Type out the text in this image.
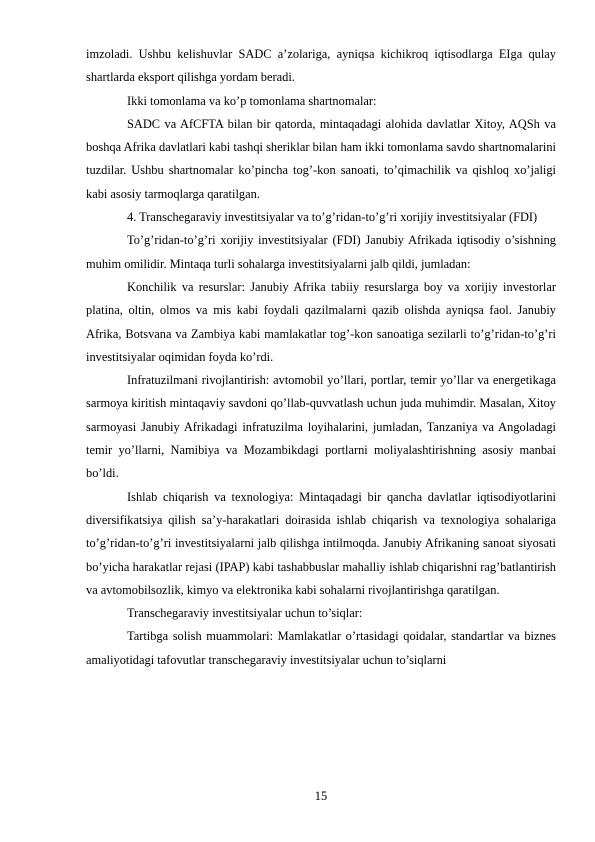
imzoladi. Ushbu kelishuvlar SADC a’zolariga, ayniqsa kichikroq iqtisodlarga EIga qulay shartlarda eksport qilishga yordam beradi.

Ikki tomonlama va ko’p tomonlama shartnomalar:

SADC va AfCFTA bilan bir qatorda, mintaqadagi alohida davlatlar Xitoy, AQSh va boshqa Afrika davlatlari kabi tashqi sheriklar bilan ham ikki tomonlama savdo shartnomalarini tuzdilar. Ushbu shartnomalar ko’pincha tog’-kon sanoati, to’qimachilik va qishloq xo’jaligi kabi asosiy tarmoqlarga qaratilgan.

4. Transchegaraviy investitsiyalar va to’g’ridan-to’g’ri xorijiy investitsiyalar (FDI)

To’g’ridan-to’g’ri xorijiy investitsiyalar (FDI) Janubiy Afrikada iqtisodiy o’sishning muhim omilidir. Mintaqa turli sohalarga investitsiyalarni jalb qildi, jumladan:

Konchilik va resurslar: Janubiy Afrika tabiiy resurslarga boy va xorijiy investorlar platina, oltin, olmos va mis kabi foydali qazilmalarni qazib olishda ayniqsa faol. Janubiy Afrika, Botsvana va Zambiya kabi mamlakatlar tog’-kon sanoatiga sezilarli to’g’ridan-to’g’ri investitsiyalar oqimidan foyda ko’rdi.

Infratuzilmani rivojlantirish: avtomobil yo’llari, portlar, temir yo’llar va energetikaga sarmoya kiritish mintaqaviy savdoni qo’llab-quvvatlash uchun juda muhimdir. Masalan, Xitoy sarmoyasi Janubiy Afrikadagi infratuzilma loyihalarini, jumladan, Tanzaniya va Angoladagi temir yo’llarni, Namibiya va Mozambikdagi portlarni moliyalashtirishning asosiy manbai bo’ldi.

Ishlab chiqarish va texnologiya: Mintaqadagi bir qancha davlatlar iqtisodiyotlarini diversifikatsiya qilish sa’y-harakatlari doirasida ishlab chiqarish va texnologiya sohalariga to’g’ridan-to’g’ri investitsiyalarni jalb qilishga intilmoqda. Janubiy Afrikaning sanoat siyosati bo’yicha harakatlar rejasi (IPAP) kabi tashabbuslar mahalliy ishlab chiqarishni rag’batlantirish va avtomobilsozlik, kimyo va elektronika kabi sohalarni rivojlantirishga qaratilgan.

Transchegaraviy investitsiyalar uchun to’siqlar:

Tartibga solish muammolari: Mamlakatlar o’rtasidagi qoidalar, standartlar va biznes amaliyotidagi tafovutlar transchegaraviy investitsiyalar uchun to’siqlarni

15
